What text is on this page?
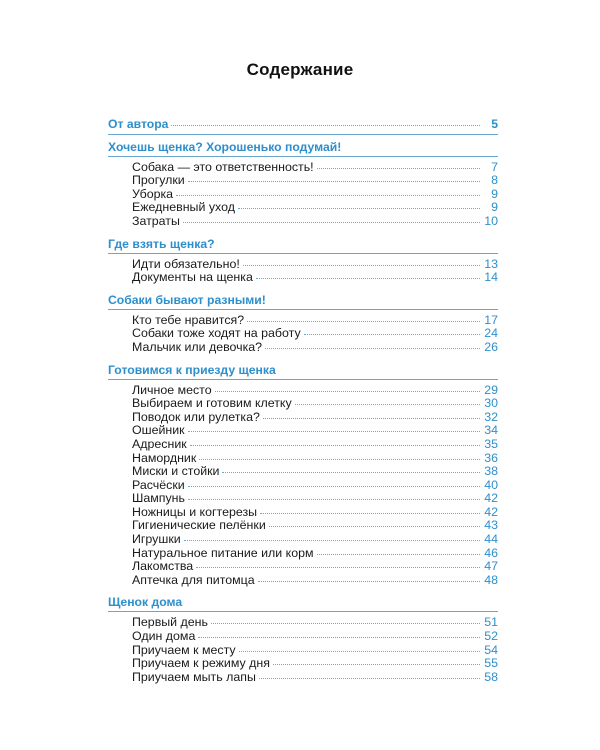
Содержание
От автора	5
Хочешь щенка? Хорошенько подумай!
Собака — это ответственность!	7
Прогулки	8
Уборка	9
Ежедневный уход	9
Затраты	10
Где взять щенка?
Идти обязательно!	13
Документы на щенка	14
Собаки бывают разными!
Кто тебе нравится?	17
Собаки тоже ходят на работу	24
Мальчик или девочка?	26
Готовимся к приезду щенка
Личное место	29
Выбираем и готовим клетку	30
Поводок или рулетка?	32
Ошейник	34
Адресник	35
Намордник	36
Миски и стойки	38
Расчёски	40
Шампунь	42
Ножницы и когтерезы	42
Гигиенические пелёнки	43
Игрушки	44
Натуральное питание или корм	46
Лакомства	47
Аптечка для питомца	48
Щенок дома
Первый день	51
Один дома	52
Приучаем к месту	54
Приучаем к режиму дня	55
Приучаем мыть лапы	58
